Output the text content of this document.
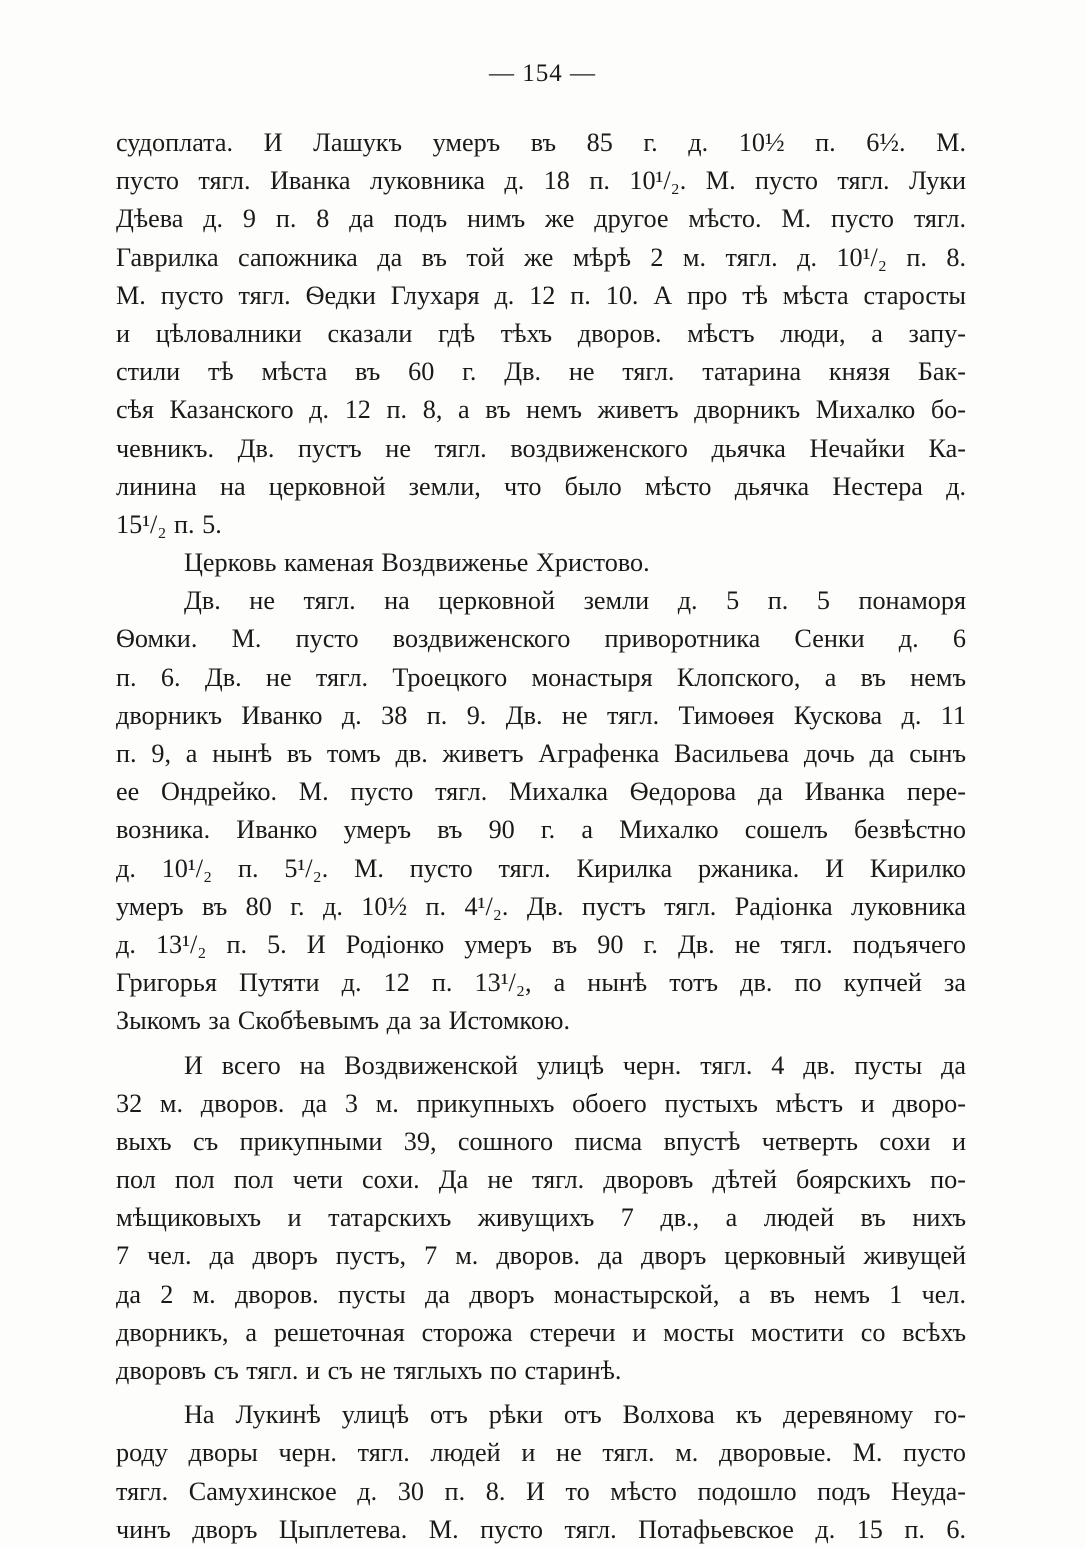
— 154 —
судоплата. И Лашукъ умеръ въ 85 г. д. 10½ п. 6½. М.
пусто тягл. Иванка луковника д. 18 п. 10¹/₂. М. пусто тягл. Луки
Дѣева д. 9 п. 8 да подъ нимъ же другое мѣсто. М. пусто тягл.
Гаврилка сапожника да въ той же мѣрѣ 2 м. тягл. д. 10¹/₂ п. 8.
М. пусто тягл. Ѳедки Глухаря д. 12 п. 10. А про тѣ мѣста старосты
и цѣловалники сказали гдѣ тѣхъ дворов. мѣстъ люди, а запу-
стили тѣ мѣста въ 60 г. Дв. не тягл. татарина князя Бак-
сѣя Казанского д. 12 п. 8, а въ немъ живетъ дворникъ Михалко бо-
чевникъ. Дв. пустъ не тягл. воздвиженского дьячка Нечайки Ка-
линина на церковной земли, что было мѣсто дьячка Нестера д.
15¹/₂ п. 5.
Церковь каменая Воздвиженье Христово.
Дв. не тягл. на церковной земли д. 5 п. 5 понаморя
Ѳомки. М. пусто воздвиженского приворотника Сенки д. 6
п. 6. Дв. не тягл. Троецкого монастыря Клопского, а въ немъ
дворникъ Иванко д. 38 п. 9. Дв. не тягл. Тимоѳея Кускова д. 11
п. 9, а нынѣ въ томъ дв. живетъ Аграфенка Васильева дочь да сынъ
ее Ондрейко. М. пусто тягл. Михалка Ѳедорова да Иванка пере-
возника. Иванко умеръ въ 90 г. а Михалко сошелъ безвѣстно
д. 10¹/₂ п. 5¹/₂. М. пусто тягл. Кирилка ржаника. И Кирилко
умеръ въ 80 г. д. 10½ п. 4¹/₂. Дв. пустъ тягл. Радіонка луковника
д. 13¹/₂ п. 5. И Родіонко умеръ въ 90 г. Дв. не тягл. подъячего
Григорья Путяти д. 12 п. 13¹/₂, а нынѣ тотъ дв. по купчей за
Зыкомъ за Скобѣевымъ да за Истомкою.
И всего на Воздвиженской улицѣ черн. тягл. 4 дв. пусты да
32 м. дворов. да 3 м. прикупныхъ обоего пустыхъ мѣстъ и дворо-
выхъ съ прикупными 39, сошного писма впустѣ четверть сохи и
пол пол пол чети сохи. Да не тягл. дворовъ дѣтей боярскихъ по-
мѣщиковыхъ и татарскихъ живущихъ 7 дв., а людей въ нихъ
7 чел. да дворъ пустъ, 7 м. дворов. да дворъ церковный живущей
да 2 м. дворов. пусты да дворъ монастырской, а въ немъ 1 чел.
дворникъ, а решеточная сторожа стеречи и мосты мостити со всѣхъ
дворовъ съ тягл. и съ не тяглыхъ по старинѣ.
На Лукинѣ улицѣ отъ рѣки отъ Волхова къ деревяному го-
роду дворы черн. тягл. людей и не тягл. м. дворовые. М. пусто
тягл. Самухинское д. 30 п. 8. И то мѣсто подошло подъ Неуда-
чинъ дворъ Цыплетева. М. пусто тягл. Потафьевское д. 15 п. 6.
